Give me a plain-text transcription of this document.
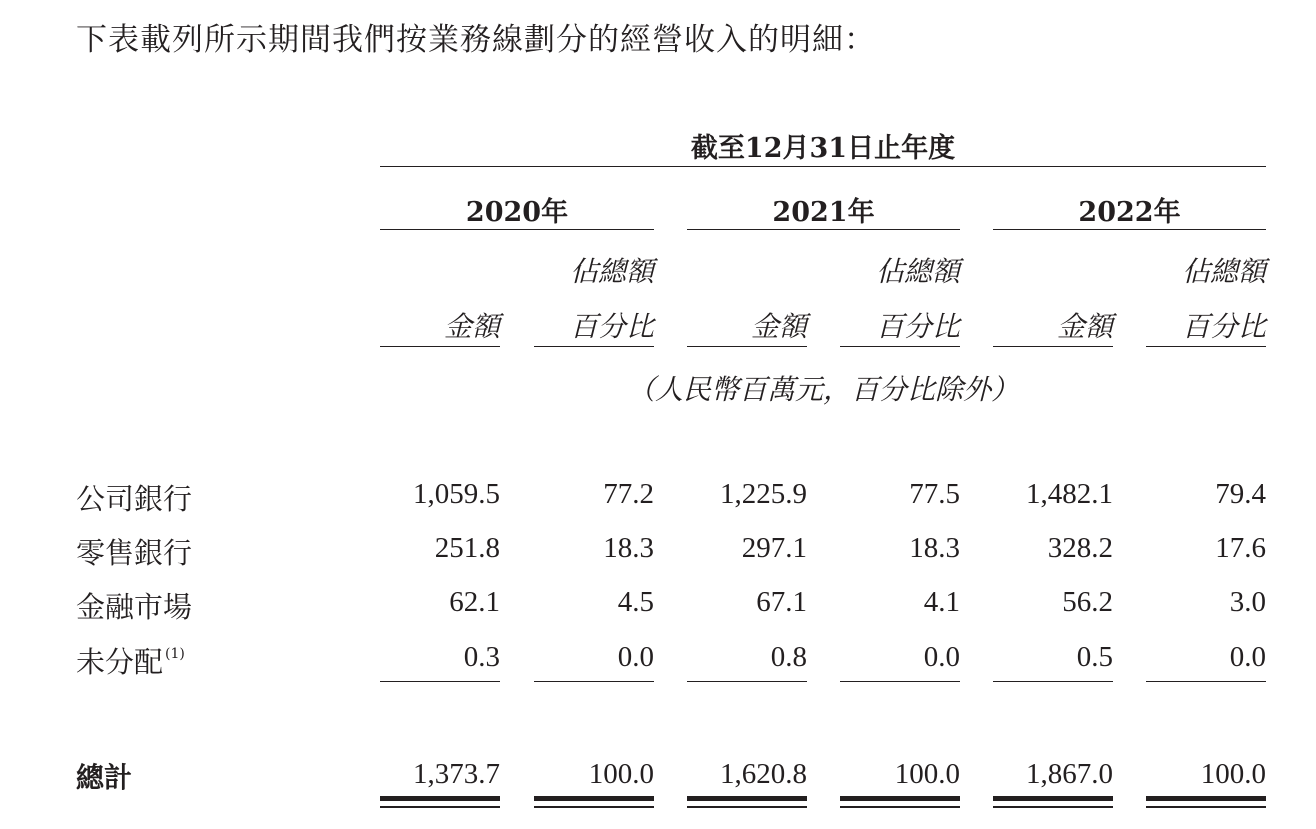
下表載列所示期間我們按業務線劃分的經營收入的明細：
截至12月31日止年度
2020年	2021年	2022年
佔總額	佔總額	佔總額
金額	百分比	金額	百分比	金額	百分比
（人民幣百萬元，百分比除外）
公司銀行	1,059.5	77.2	1,225.9	77.5	1,482.1	79.4
零售銀行	251.8	18.3	297.1	18.3	328.2	17.6
金融市場	62.1	4.5	67.1	4.1	56.2	3.0
未分配 $^{(1)}$	0.3	0.0	0.8	0.0	0.5	0.0
總計	1,373.7	100.0	1,620.8	100.0	1,867.0	100.0
